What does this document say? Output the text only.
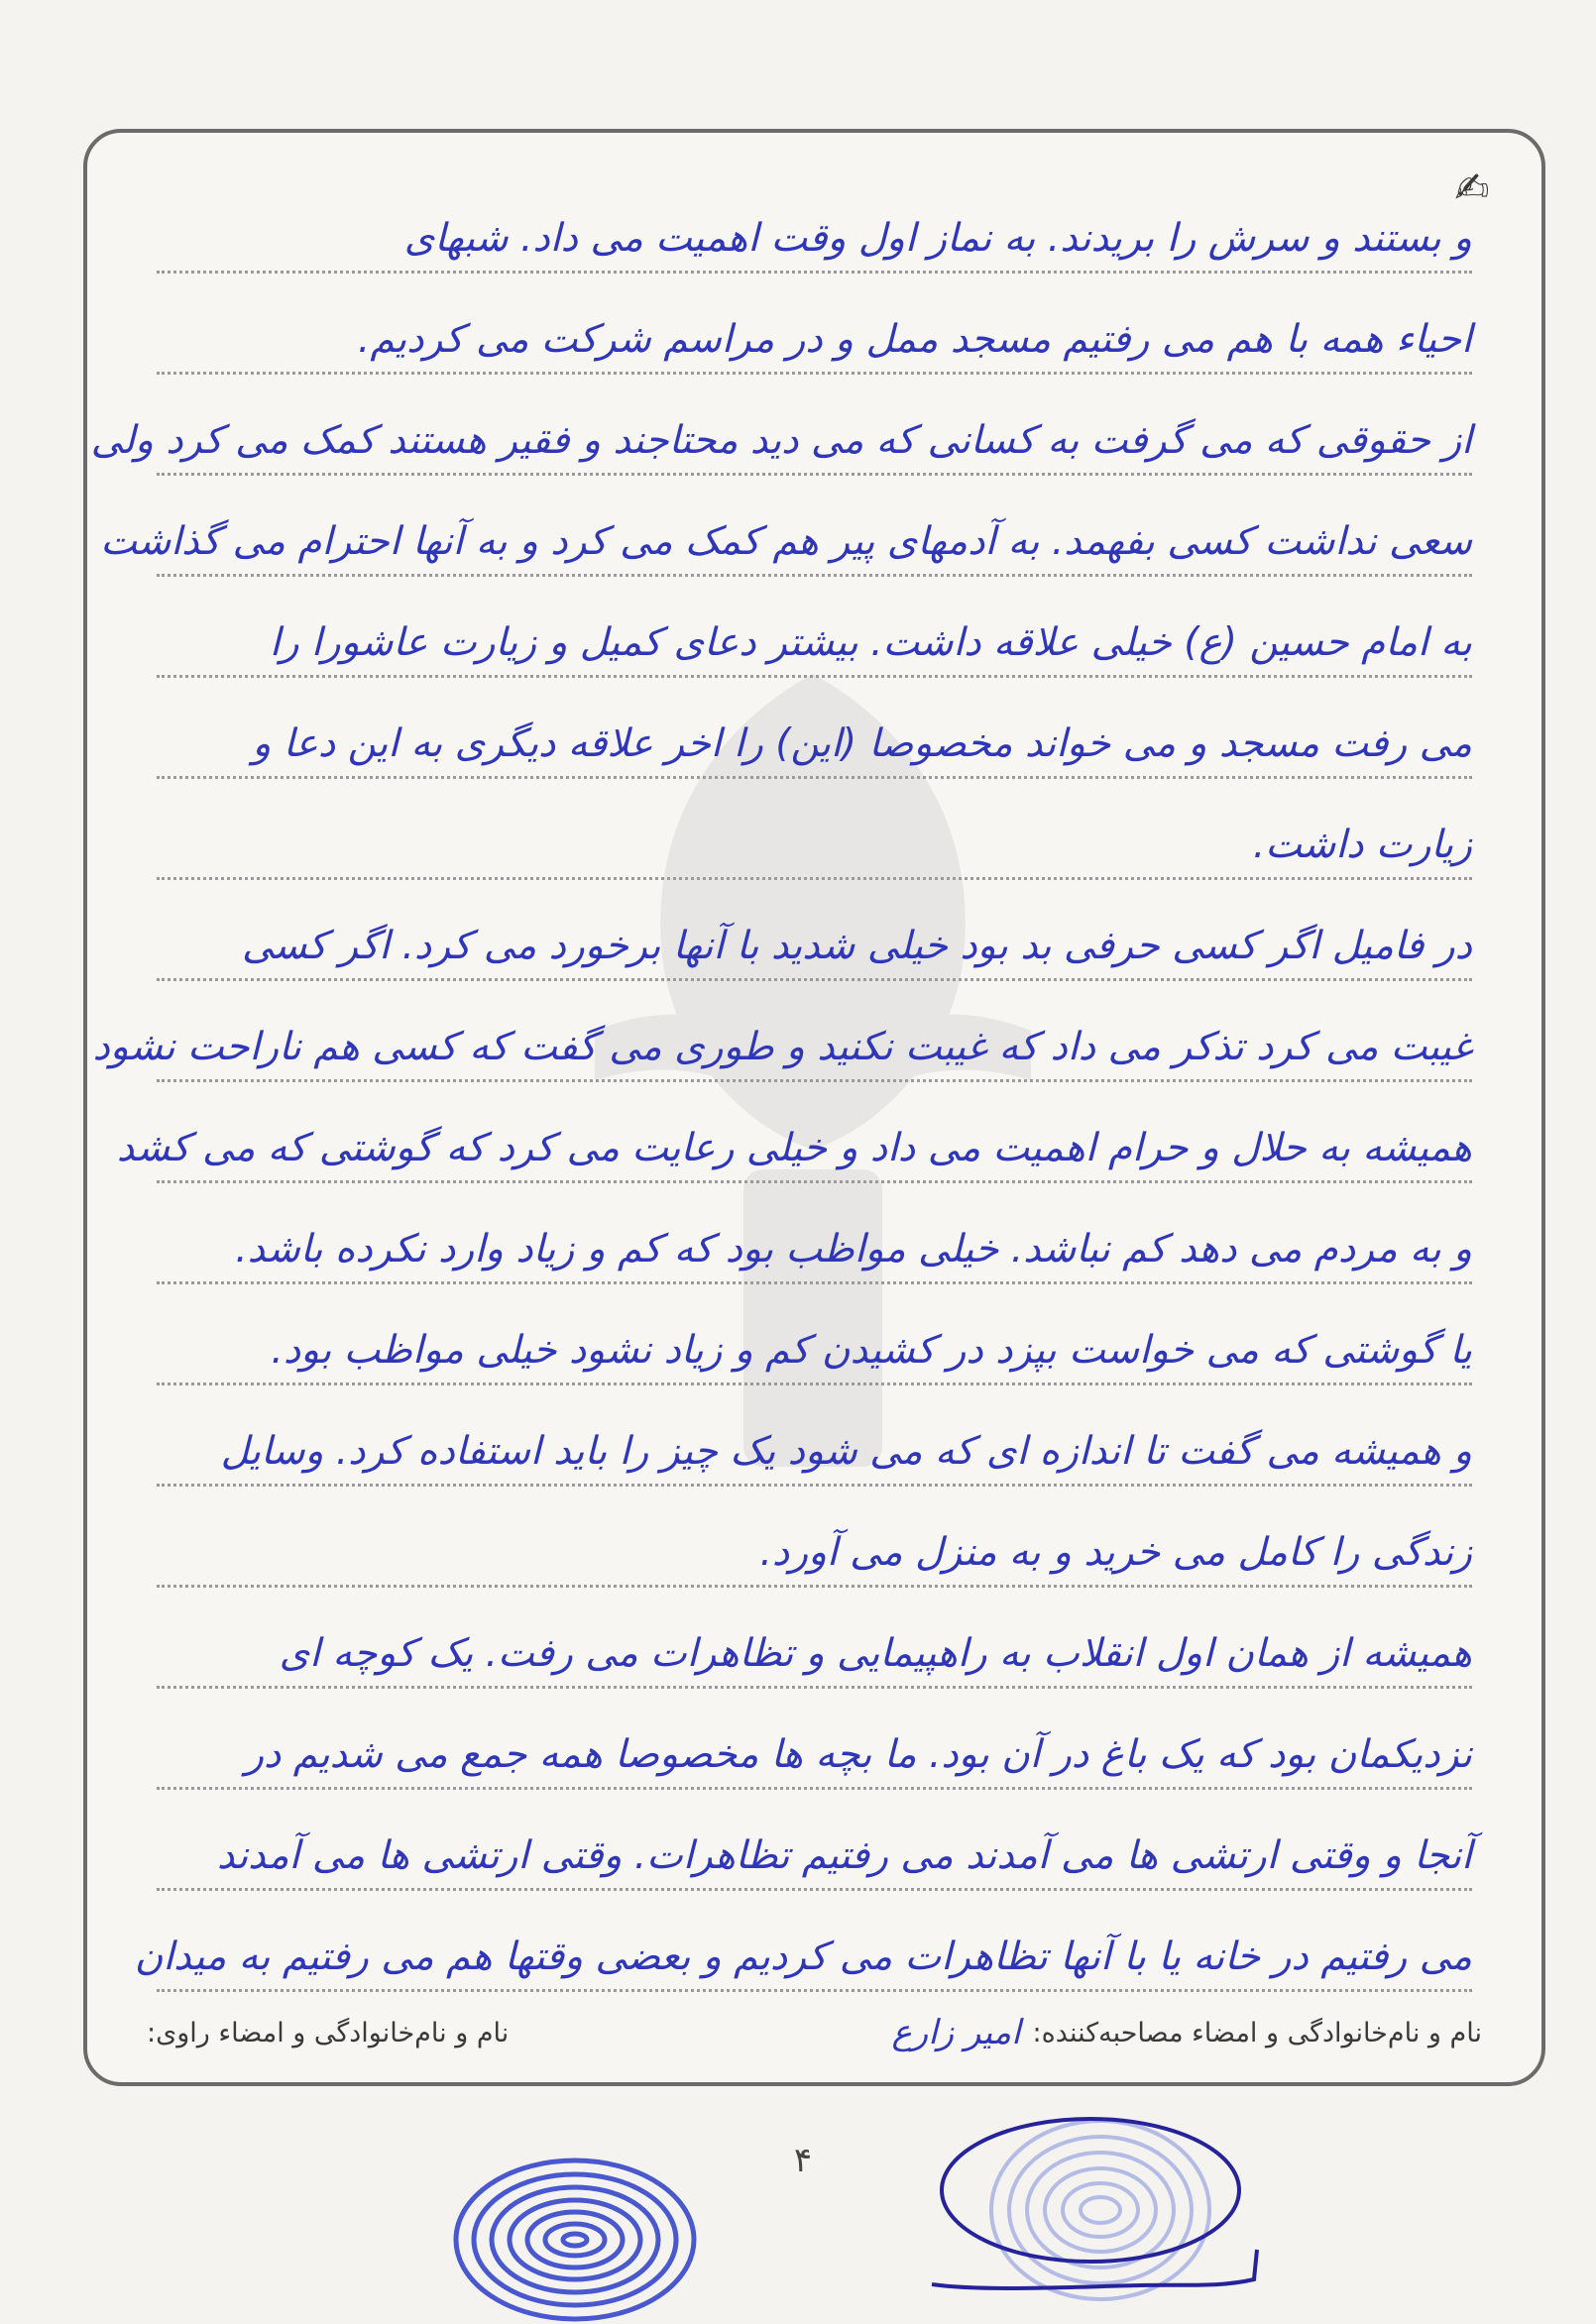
✍
و بستند و سرش را بریدند. به نماز اول وقت اهمیت می داد. شبهای
احیاء همه با هم می رفتیم مسجد ممل و در مراسم شرکت می کردیم.
از حقوقی که می گرفت به کسانی که می دید محتاجند و فقیر هستند کمک می کرد ولی
سعی نداشت کسی بفهمد. به آدمهای پیر هم کمک می کرد و به آنها احترام می گذاشت
به امام حسین (ع) خیلی علاقه داشت. بیشتر دعای کمیل و زیارت عاشورا را
می رفت مسجد و می خواند مخصوصا (این) را اخر علاقه دیگری به این دعا و
زیارت داشت.
در فامیل اگر کسی حرفی بد بود خیلی شدید با آنها برخورد می کرد. اگر کسی
غیبت می کرد تذکر می داد که غیبت نکنید و طوری می گفت که کسی هم ناراحت نشود
همیشه به حلال و حرام اهمیت می داد و خیلی رعایت می کرد که گوشتی که می کشد
و به مردم می دهد کم نباشد. خیلی مواظب بود که کم و زیاد وارد نکرده باشد.
یا گوشتی که می خواست بپزد در کشیدن کم و زیاد نشود خیلی مواظب بود.
و همیشه می گفت تا اندازه ای که می شود یک چیز را باید استفاده کرد. وسایل
زندگی را کامل می خرید و به منزل می آورد.
همیشه از همان اول انقلاب به راهپیمایی و تظاهرات می رفت. یک کوچه ای
نزدیکمان بود که یک باغ در آن بود. ما بچه ها مخصوصا همه جمع می شدیم در
آنجا و وقتی ارتشی ها می آمدند می رفتیم تظاهرات. وقتی ارتشی ها می آمدند
می رفتیم در خانه یا با آنها تظاهرات می کردیم و بعضی وقتها هم می رفتیم به میدان
نام و نام‌خانوادگی و امضاء مصاحبه‌کننده:
امیر زارع
نام و نام‌خانوادگی و امضاء راوی:
۴
